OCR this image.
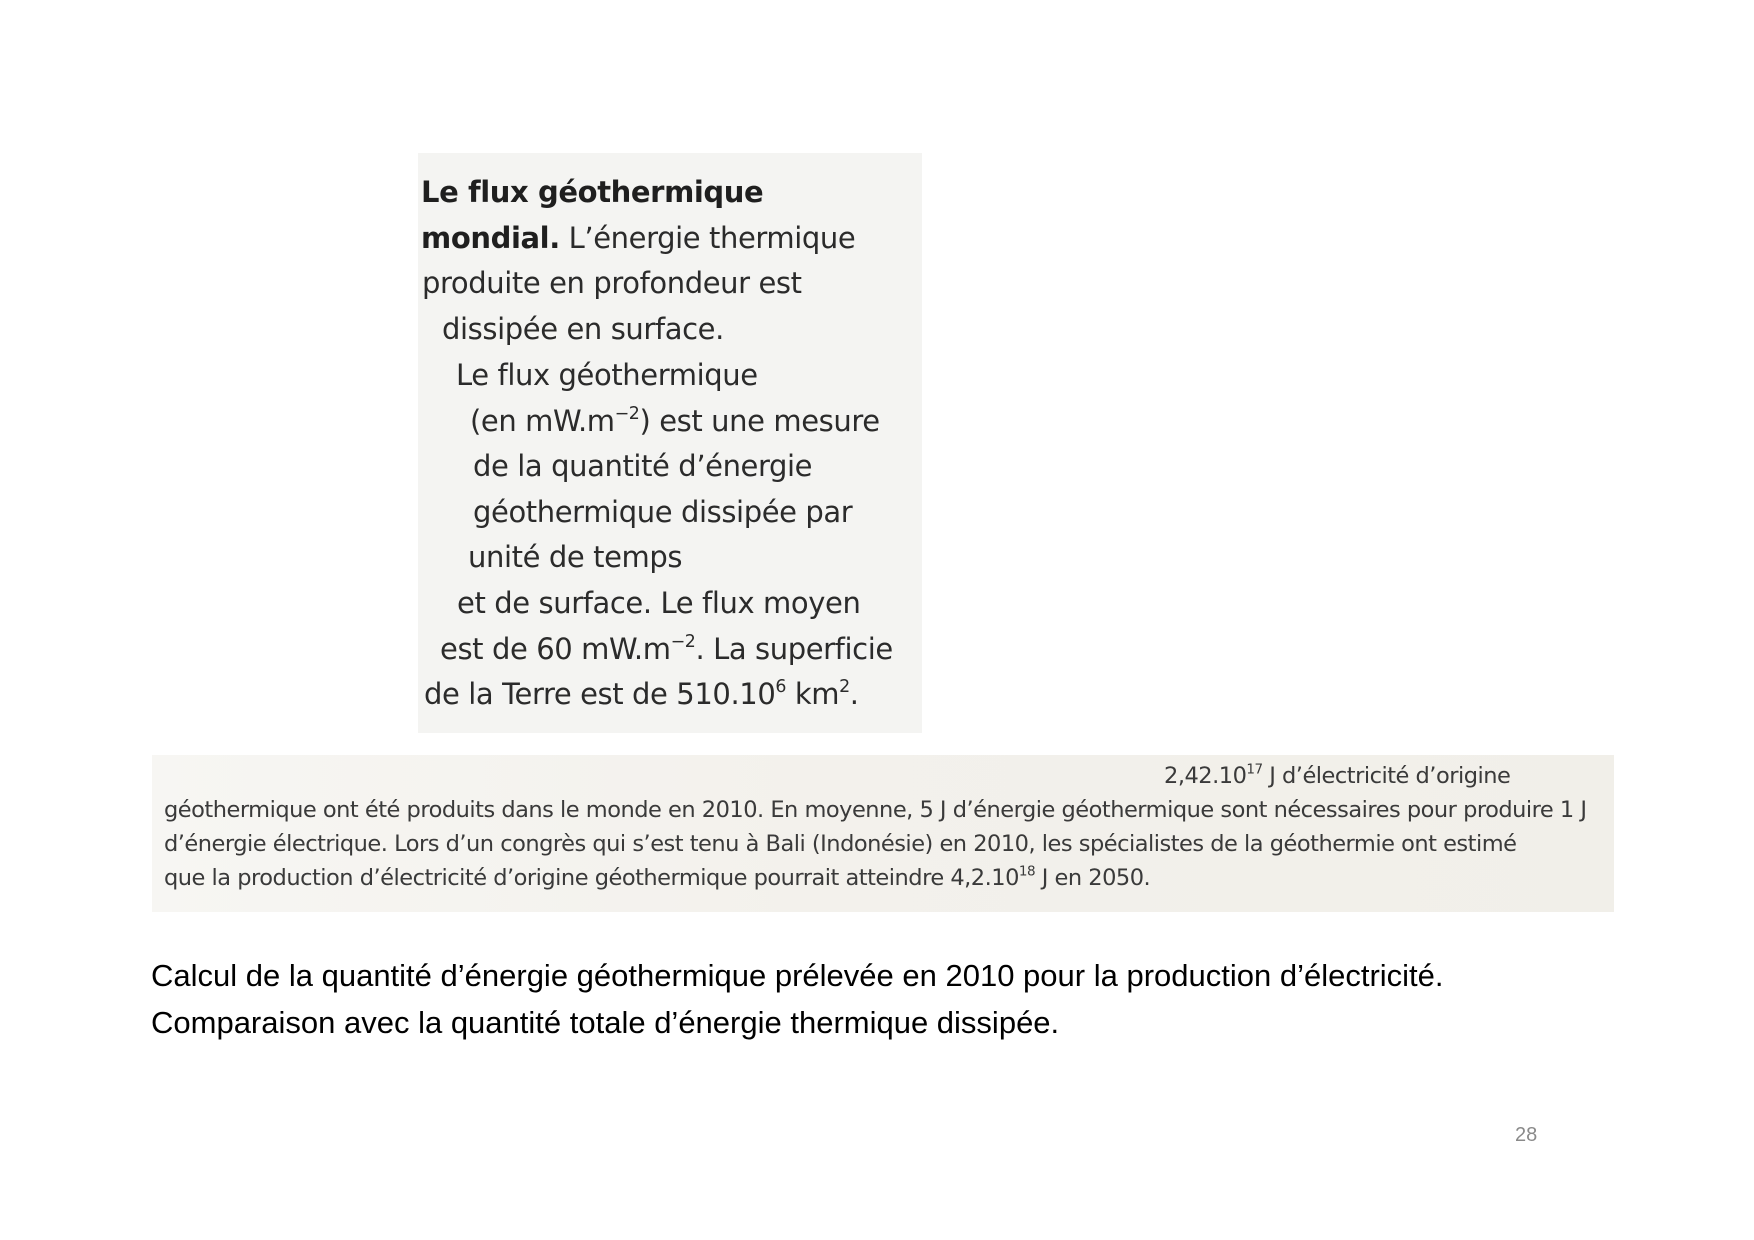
Le flux géothermique
mondial. L’énergie thermique
produite en profondeur est
dissipée en surface.
Le flux géothermique
(en $mW.m^{-2}$) est une mesure
de la quantité d’énergie
géothermique dissipée par
unité de temps
et de surface. Le flux moyen
est de 60 $mW.m^{-2}$. La superficie
de la Terre est de 510.10$^6$ $km^2$.
2,42.10$^{17}$ J d’électricité d’origine
géothermique ont été produits dans le monde en 2010. En moyenne, 5 J d’énergie géothermique sont nécessaires pour produire 1 J
d’énergie électrique. Lors d’un congrès qui s’est tenu à Bali (Indonésie) en 2010, les spécialistes de la géothermie ont estimé
que la production d’électricité d’origine géothermique pourrait atteindre 4,2.10$^{18}$ J en 2050.
Calcul de la quantité d’énergie géothermique prélevée en 2010 pour la production d’électricité.
Comparaison avec la quantité totale d’énergie thermique dissipée.
28
